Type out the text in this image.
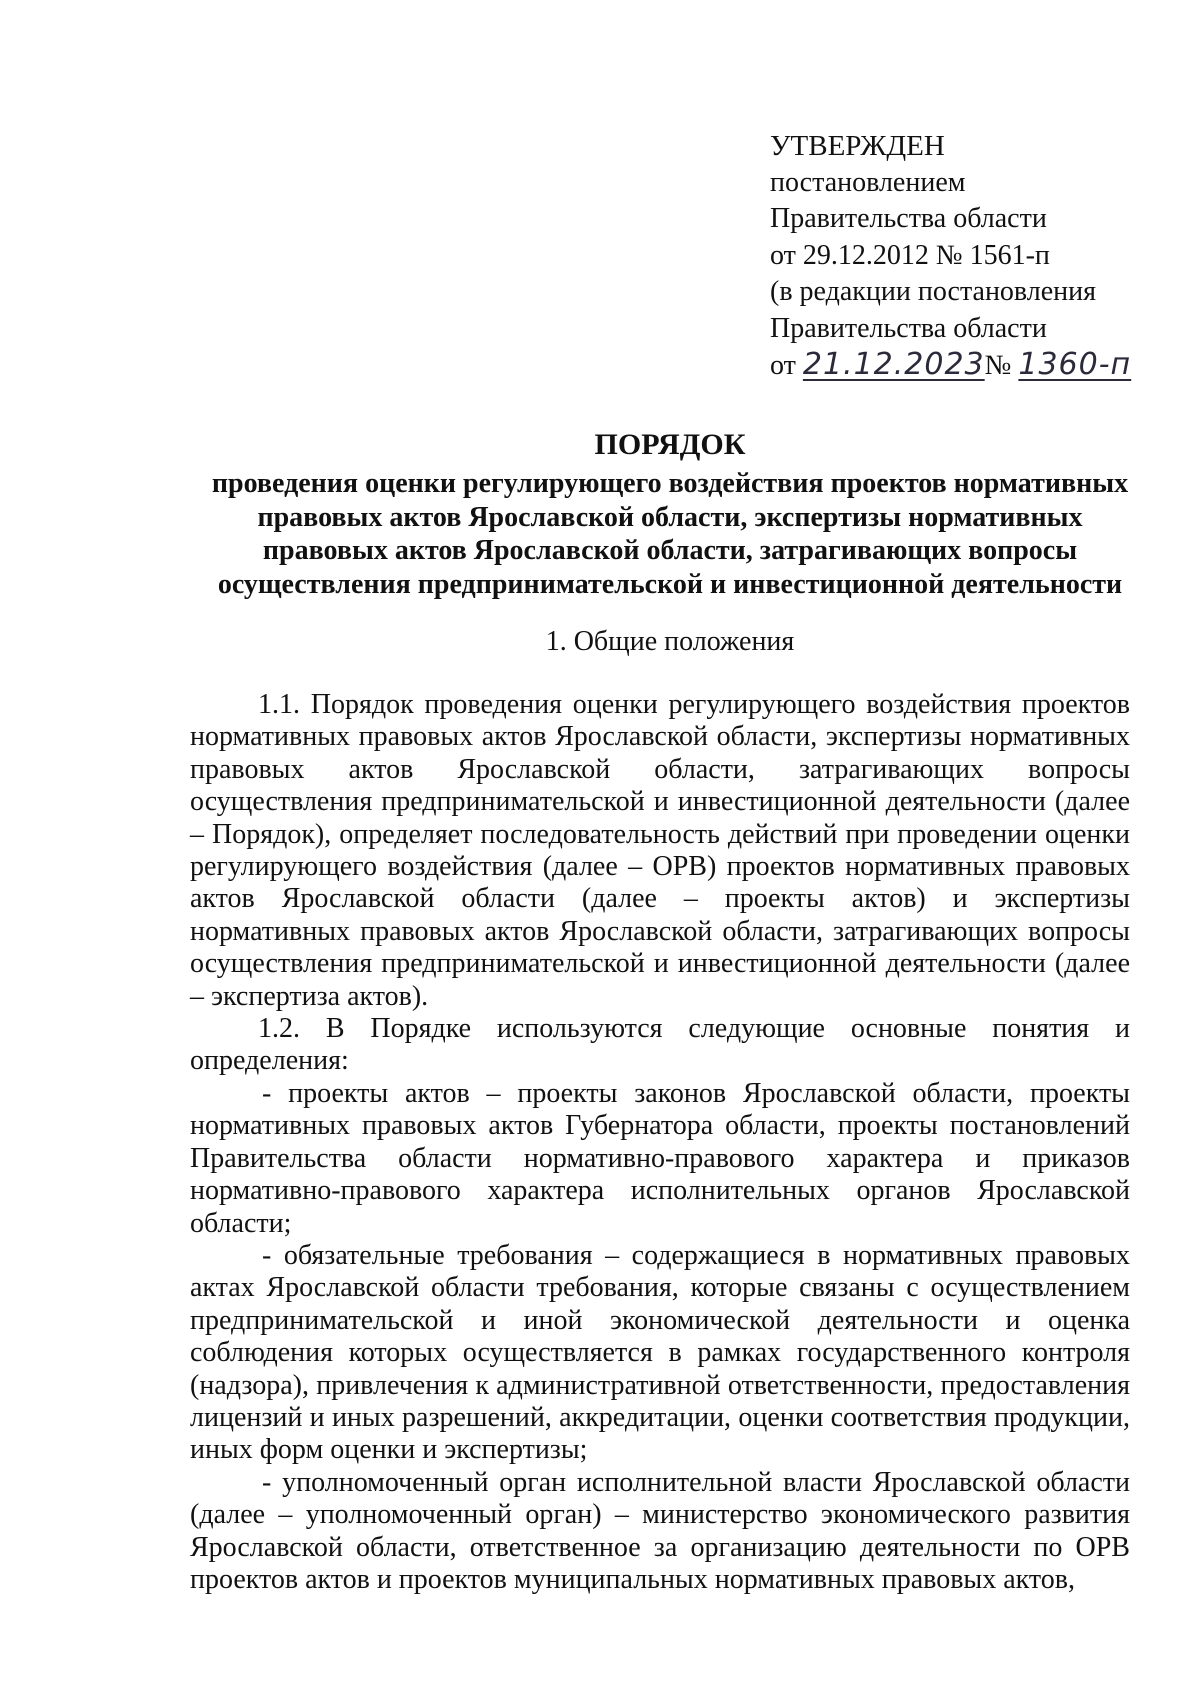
УТВЕРЖДЕН
постановлением
Правительства области
от 29.12.2012 № 1561-п
(в редакции постановления
Правительства области
от 21.12.2023№ 1360-п
ПОРЯДОК
проведения оценки регулирующего воздействия проектов нормативных
правовых актов Ярославской области, экспертизы нормативных
правовых актов Ярославской области, затрагивающих вопросы
осуществления предпринимательской и инвестиционной деятельности
1. Общие положения

1.1. Порядок проведения оценки регулирующего воздействия проектов нормативных правовых актов Ярославской области, экспертизы нормативных правовых актов Ярославской области, затрагивающих вопросы осуществления предпринимательской и инвестиционной деятельности (далее – Порядок), определяет последовательность действий при проведении оценки регулирующего воздействия (далее – ОРВ) проектов нормативных правовых актов Ярославской области (далее – проекты актов) и экспертизы нормативных правовых актов Ярославской области, затрагивающих вопросы осуществления предпринимательской и инвестиционной деятельности (далее – экспертиза актов).

1.2. В Порядке используются следующие основные понятия и определения:

- проекты актов – проекты законов Ярославской области, проекты нормативных правовых актов Губернатора области, проекты постановлений Правительства области нормативно-правового характера и приказов нормативно-правового характера исполнительных органов Ярославской области;

- обязательные требования – содержащиеся в нормативных правовых актах Ярославской области требования, которые связаны с осуществлением предпринимательской и иной экономической деятельности и оценка соблюдения которых осуществляется в рамках государственного контроля (надзора), привлечения к административной ответственности, предоставления лицензий и иных разрешений, аккредитации, оценки соответствия продукции, иных форм оценки и экспертизы;

- уполномоченный орган исполнительной власти Ярославской области (далее – уполномоченный орган) – министерство экономического развития Ярославской области, ответственное за организацию деятельности по ОРВ проектов актов и проектов муниципальных нормативных правовых актов,
